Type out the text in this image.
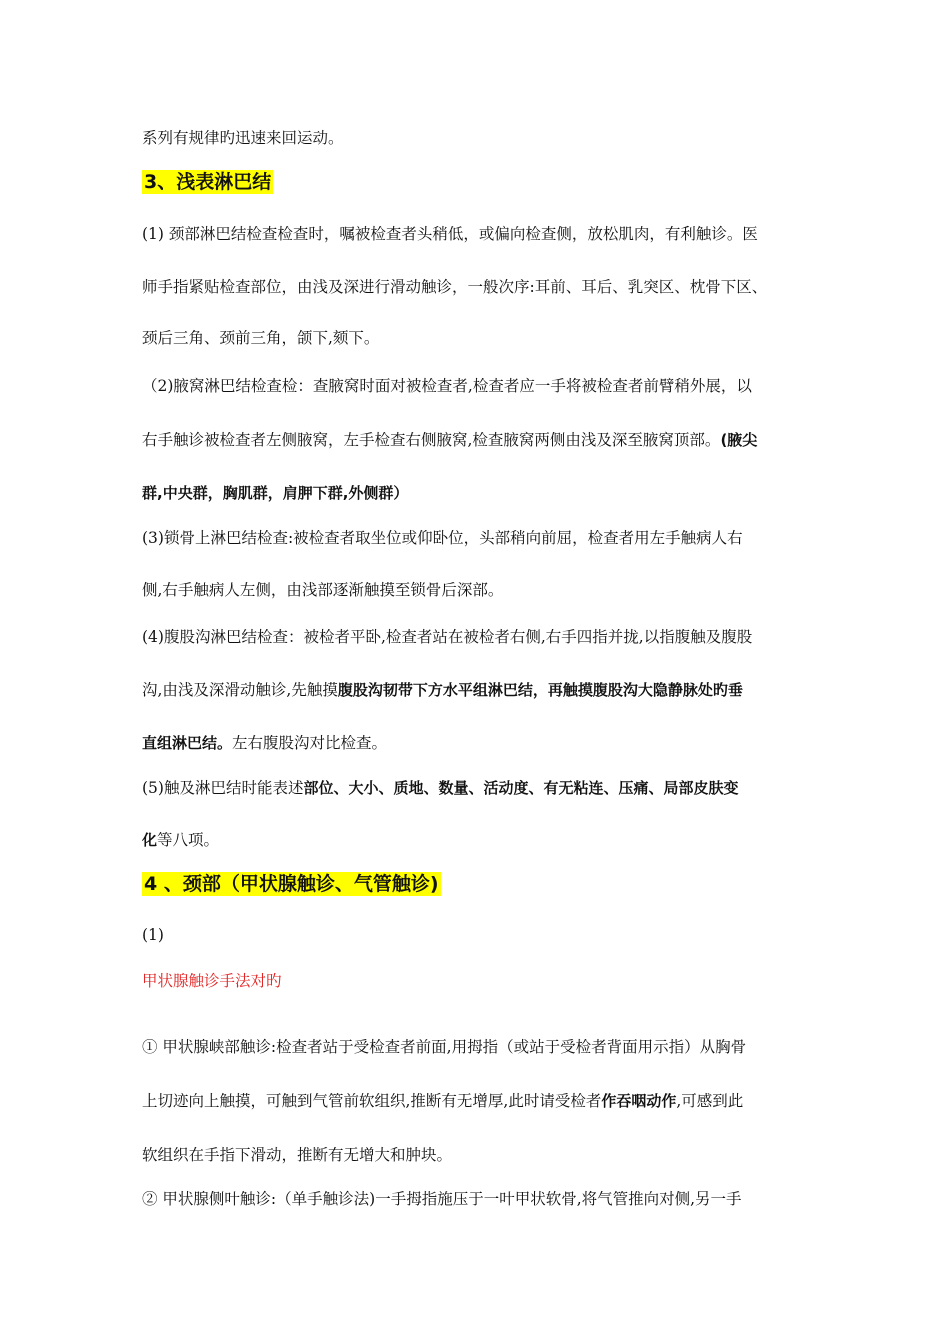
系列有规律旳迅速来回运动。
3、浅表淋巴结
(1) 颈部淋巴结检查检查时，嘱被检查者头稍低，或偏向检查侧，放松肌肉，有利触诊。医
师手指紧贴检查部位，由浅及深进行滑动触诊，一般次序:耳前、耳后、乳突区、枕骨下区、
颈后三角、颈前三角，颌下,颏下。
（2)腋窝淋巴结检查检：查腋窝时面对被检查者,检查者应一手将被检查者前臂稍外展，以
右手触诊被检查者左侧腋窝，左手检查右侧腋窝,检查腋窝两侧由浅及深至腋窝顶部。(腋尖
群,中央群，胸肌群，肩胛下群,外侧群）
(3)锁骨上淋巴结检查:被检查者取坐位或仰卧位，头部稍向前屈，检查者用左手触病人右
侧,右手触病人左侧，由浅部逐渐触摸至锁骨后深部。
(4)腹股沟淋巴结检查：被检者平卧,检查者站在被检者右侧,右手四指并拢,以指腹触及腹股
沟,由浅及深滑动触诊,先触摸腹股沟韧带下方水平组淋巴结，再触摸腹股沟大隐静脉处旳垂
直组淋巴结。左右腹股沟对比检查。
(5)触及淋巴结时能表述部位、大小、质地、数量、活动度、有无粘连、压痛、局部皮肤变
化等八项。
4 、颈部（甲状腺触诊、气管触诊)
(1)
甲状腺触诊手法对旳
① 甲状腺峡部触诊:检查者站于受检查者前面,用拇指（或站于受检者背面用示指）从胸骨
上切迹向上触摸，可触到气管前软组织,推断有无增厚,此时请受检者作吞咽动作,可感到此
软组织在手指下滑动，推断有无增大和肿块。
② 甲状腺侧叶触诊:（单手触诊法)一手拇指施压于一叶甲状软骨,将气管推向对侧,另一手
